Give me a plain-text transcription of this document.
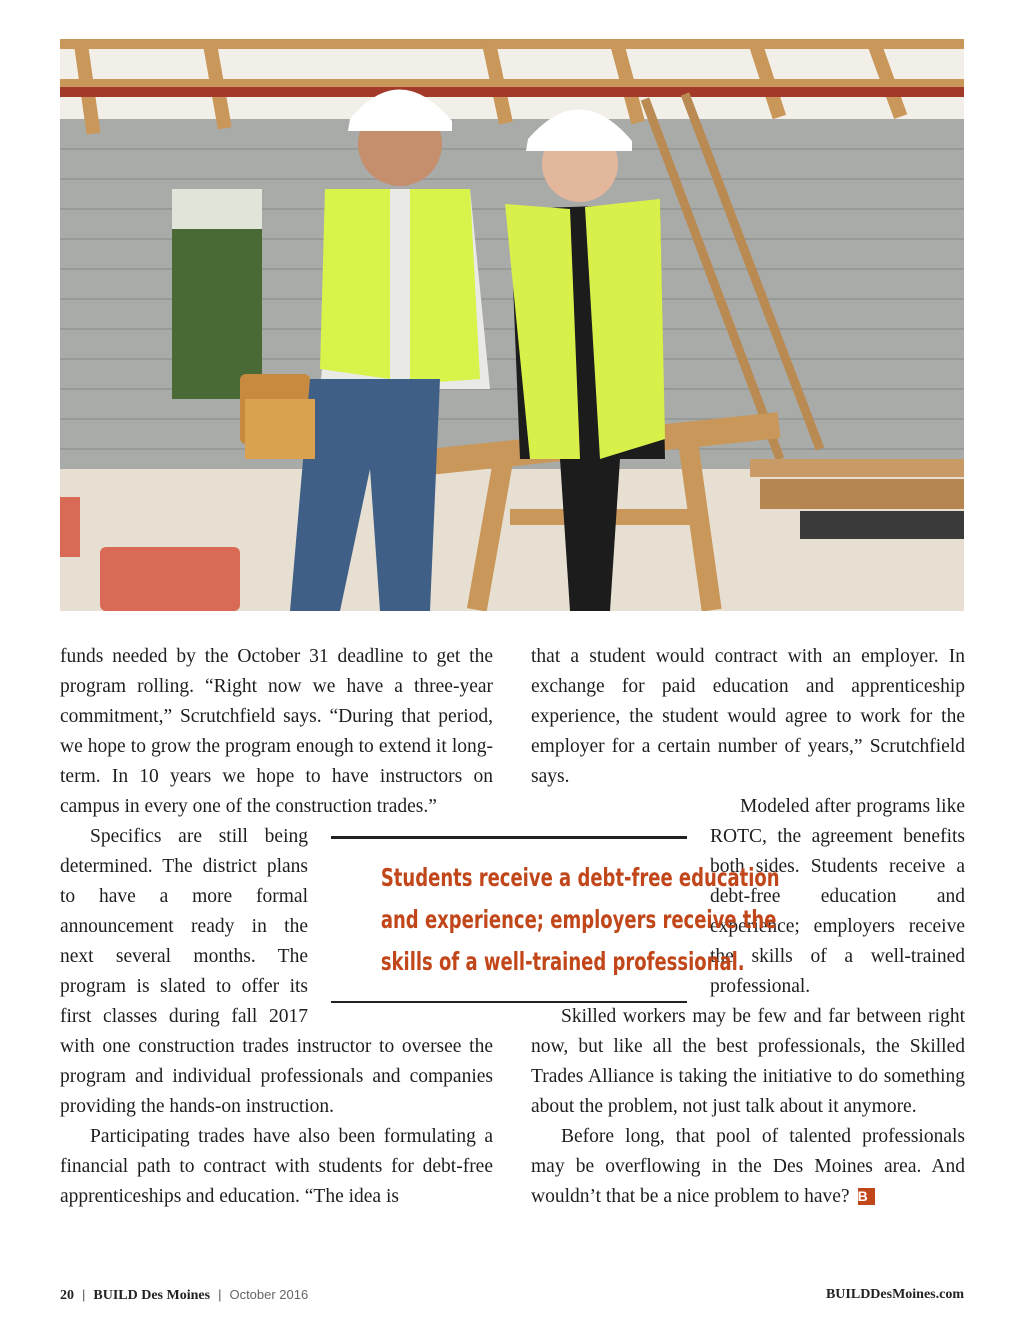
funds needed by the October 31 deadline to get the program rolling. “Right now we have a three-year commitment,” Scrutchfield says. “During that period, we hope to grow the program enough to extend it long-term. In 10 years we hope to have instructors on campus in every one of the construction trades.”

Specifics are still being determined. The district plans to have a more formal announcement ready in the next several months. The program is slated to offer its first classes during fall 2017 with one construction trades instructor to oversee the program and individual professionals and companies providing the hands-on instruction.

Participating trades have also been formulating a financial path to contract with students for debt-free apprenticeships and education. “The idea is

that a student would contract with an employer. In exchange for paid education and apprenticeship experience, the student would agree to work for the employer for a certain number of years,” Scrutchfield says.

Modeled after programs like ROTC, the agreement benefits both sides. Students receive a debt-free education and experience; employers receive the skills of a well-trained professional.

Skilled workers may be few and far between right now, but like all the best professionals, the Skilled Trades Alliance is taking the initiative to do something about the problem, not just talk about it anymore.

Before long, that pool of talented professionals may be overflowing in the Des Moines area. And wouldn’t that be a nice problem to have? B

Students receive a debt-free education
and experience; employers receive the
skills of a well-trained professional.

20 | BUILD Des Moines | October 2016	BUILDDesMoines.com
